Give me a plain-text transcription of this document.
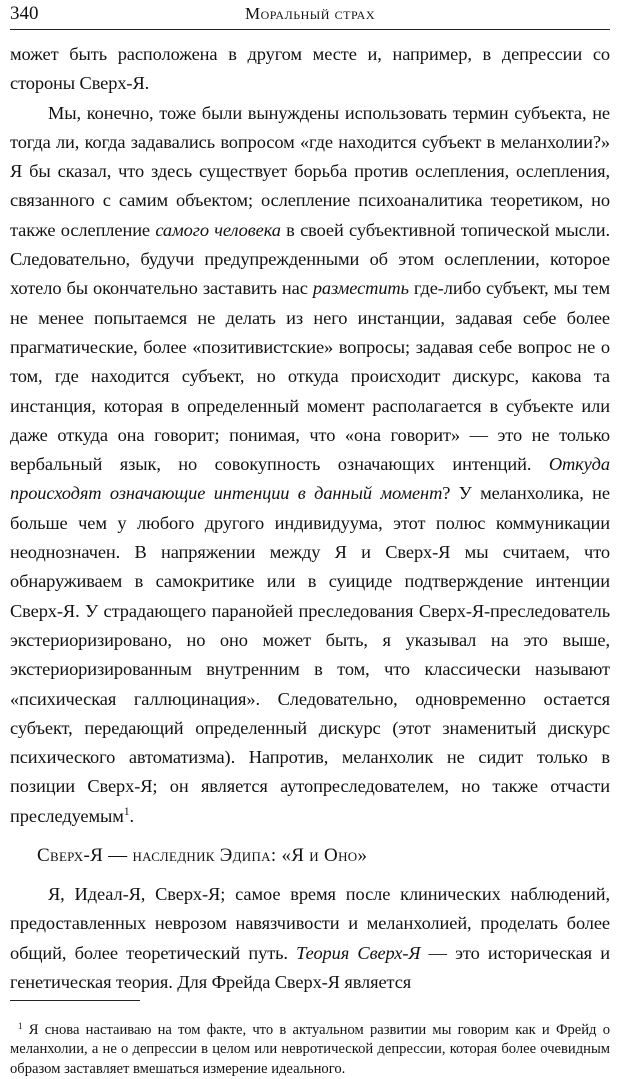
340	Моральный страх

может быть расположена в другом месте и, например, в депрессии со стороны Сверх-Я.

Мы, конечно, тоже были вынуждены использовать термин субъекта, не тогда ли, когда задавались вопросом «где находится субъект в меланхолии?» Я бы сказал, что здесь существует борьба против ослепления, ослепления, связанного с самим объектом; ослепление психоаналитика теоретиком, но также ослепление самого человека в своей субъективной топической мысли. Следовательно, будучи предупрежденными об этом ослеплении, которое хотело бы окончательно заставить нас разместить где-либо субъект, мы тем не менее попытаемся не делать из него инстанции, задавая себе более прагматические, более «позитивистские» вопросы; задавая себе вопрос не о том, где находится субъект, но откуда происходит дискурс, какова та инстанция, которая в определенный момент располагается в субъекте или даже откуда она говорит; понимая, что «она говорит» — это не только вербальный язык, но совокупность означающих интенций. Откуда происходят означающие интенции в данный момент? У меланхолика, не больше чем у любого другого индивидуума, этот полюс коммуникации неоднозначен. В напряжении между Я и Сверх-Я мы считаем, что обнаруживаем в самокритике или в суициде подтверждение интенции Сверх-Я. У страдающего паранойей преследования Сверх-Я-преследователь экстериоризировано, но оно может быть, я указывал на это выше, экстериоризированным внутренним в том, что классически называют «психическая галлюцинация». Следовательно, одновременно остается субъект, передающий определенный дискурс (этот знаменитый дискурс психического автоматизма). Напротив, меланхолик не сидит только в позиции Сверх-Я; он является аутопреследователем, но также отчасти преследуемым$^1$.

Сверх-Я — наследник Эдипа: «Я и Оно»

Я, Идеал-Я, Сверх-Я; самое время после клинических наблюдений, предоставленных неврозом навязчивости и меланхолией, проделать более общий, более теоретический путь. Теория Сверх-Я — это историческая и генетическая теория. Для Фрейда Сверх-Я является

$^1$ Я снова настаиваю на том факте, что в актуальном развитии мы говорим как и Фрейд о меланхолии, а не о депрессии в целом или невротической депрессии, которая более очевидным образом заставляет вмешаться измерение идеального.
